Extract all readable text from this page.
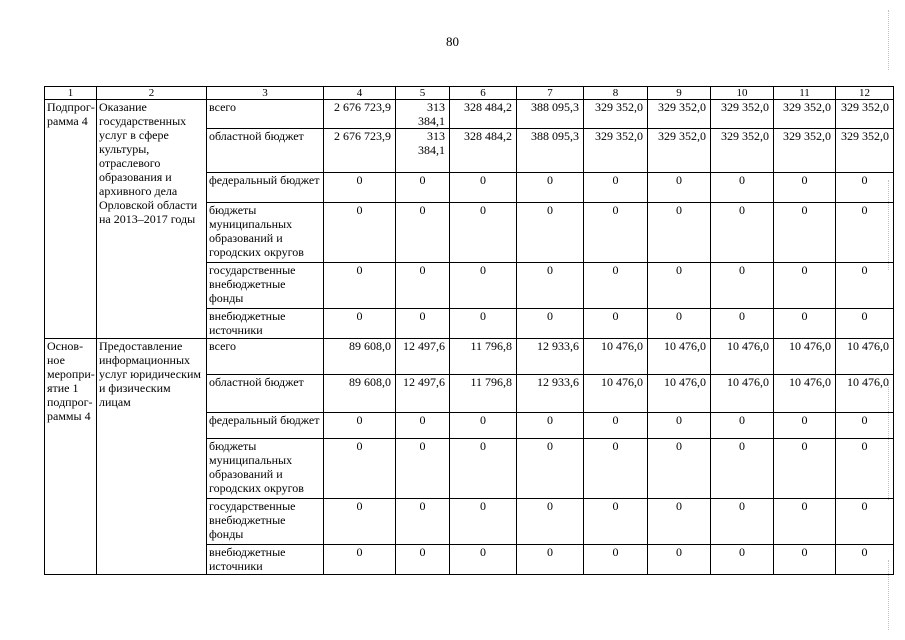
80
1	2	3	4	5	6	7	8	9	10	11	12
Подпрог-рамма 4	Оказание государственных услуг в сфере культуры, отраслевого образования и архивного дела Орловской области на 2013–2017 годы	всего	2 676 723,9	313 384,1	328 484,2	388 095,3	329 352,0	329 352,0	329 352,0	329 352,0	329 352,0
		областной бюджет	2 676 723,9	313 384,1	328 484,2	388 095,3	329 352,0	329 352,0	329 352,0	329 352,0	329 352,0
		федеральный бюджет	0	0	0	0	0	0	0	0	0
		бюджеты муниципальных образований и городских округов	0	0	0	0	0	0	0	0	0
		государственные внебюджетные фонды	0	0	0	0	0	0	0	0	0
		внебюджетные источники	0	0	0	0	0	0	0	0	0
Основ-ное меропри-ятие 1 подпрог-раммы 4	Предоставление информационных услуг юридическим и физическим лицам	всего	89 608,0	12 497,6	11 796,8	12 933,6	10 476,0	10 476,0	10 476,0	10 476,0	10 476,0
		областной бюджет	89 608,0	12 497,6	11 796,8	12 933,6	10 476,0	10 476,0	10 476,0	10 476,0	10 476,0
		федеральный бюджет	0	0	0	0	0	0	0	0	0
		бюджеты муниципальных образований и городских округов	0	0	0	0	0	0	0	0	0
		государственные внебюджетные фонды	0	0	0	0	0	0	0	0	0
		внебюджетные источники	0	0	0	0	0	0	0	0	0
